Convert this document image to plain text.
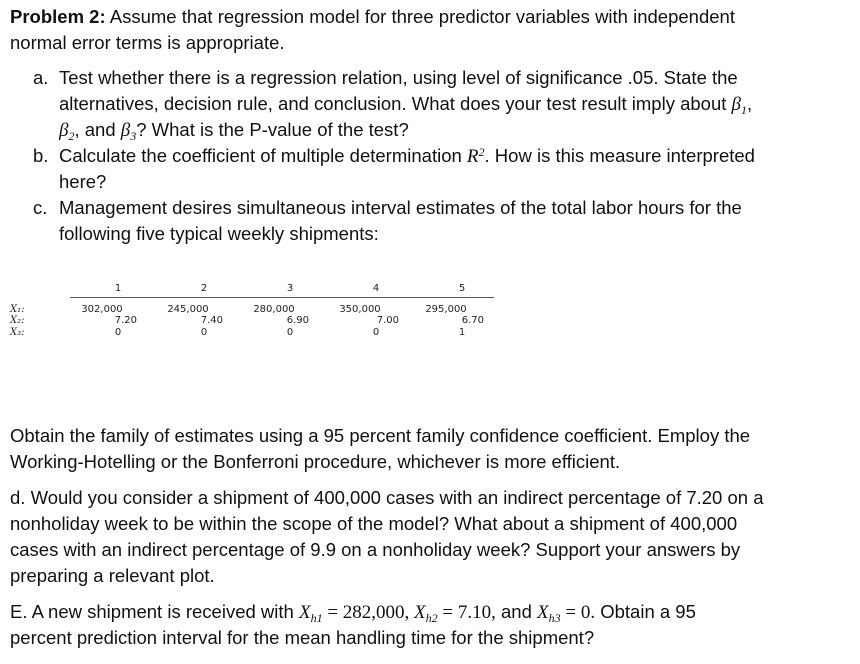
Problem 2: Assume that regression model for three predictor variables with independent
normal error terms is appropriate.
a. Test whether there is a regression relation, using level of significance .05. State the
alternatives, decision rule, and conclusion. What does your test result imply about $\beta_1$,
$\beta_2$, and $\beta_3$? What is the P-value of the test?
b. Calculate the coefficient of multiple determination $R^2$. How is this measure interpreted
here?
c. Management desires simultaneous interval estimates of the total labor hours for the
following five typical weekly shipments:
1	2	3	4	5
X₁:	302,000	245,000	280,000	350,000	295,000
X₂:	7.20	7.40	6.90	7.00	6.70
X₃:	0	0	0	0	1
Obtain the family of estimates using a 95 percent family confidence coefficient. Employ the
Working-Hotelling or the Bonferroni procedure, whichever is more efficient.
d. Would you consider a shipment of 400,000 cases with an indirect percentage of 7.20 on a
nonholiday week to be within the scope of the model? What about a shipment of 400,000
cases with an indirect percentage of 9.9 on a nonholiday week? Support your answers by
preparing a relevant plot.
E. A new shipment is received with $X_{h1} = 282,000$, $X_{h2} = 7.10$, and $X_{h3} = 0$. Obtain a 95
percent prediction interval for the mean handling time for the shipment?
